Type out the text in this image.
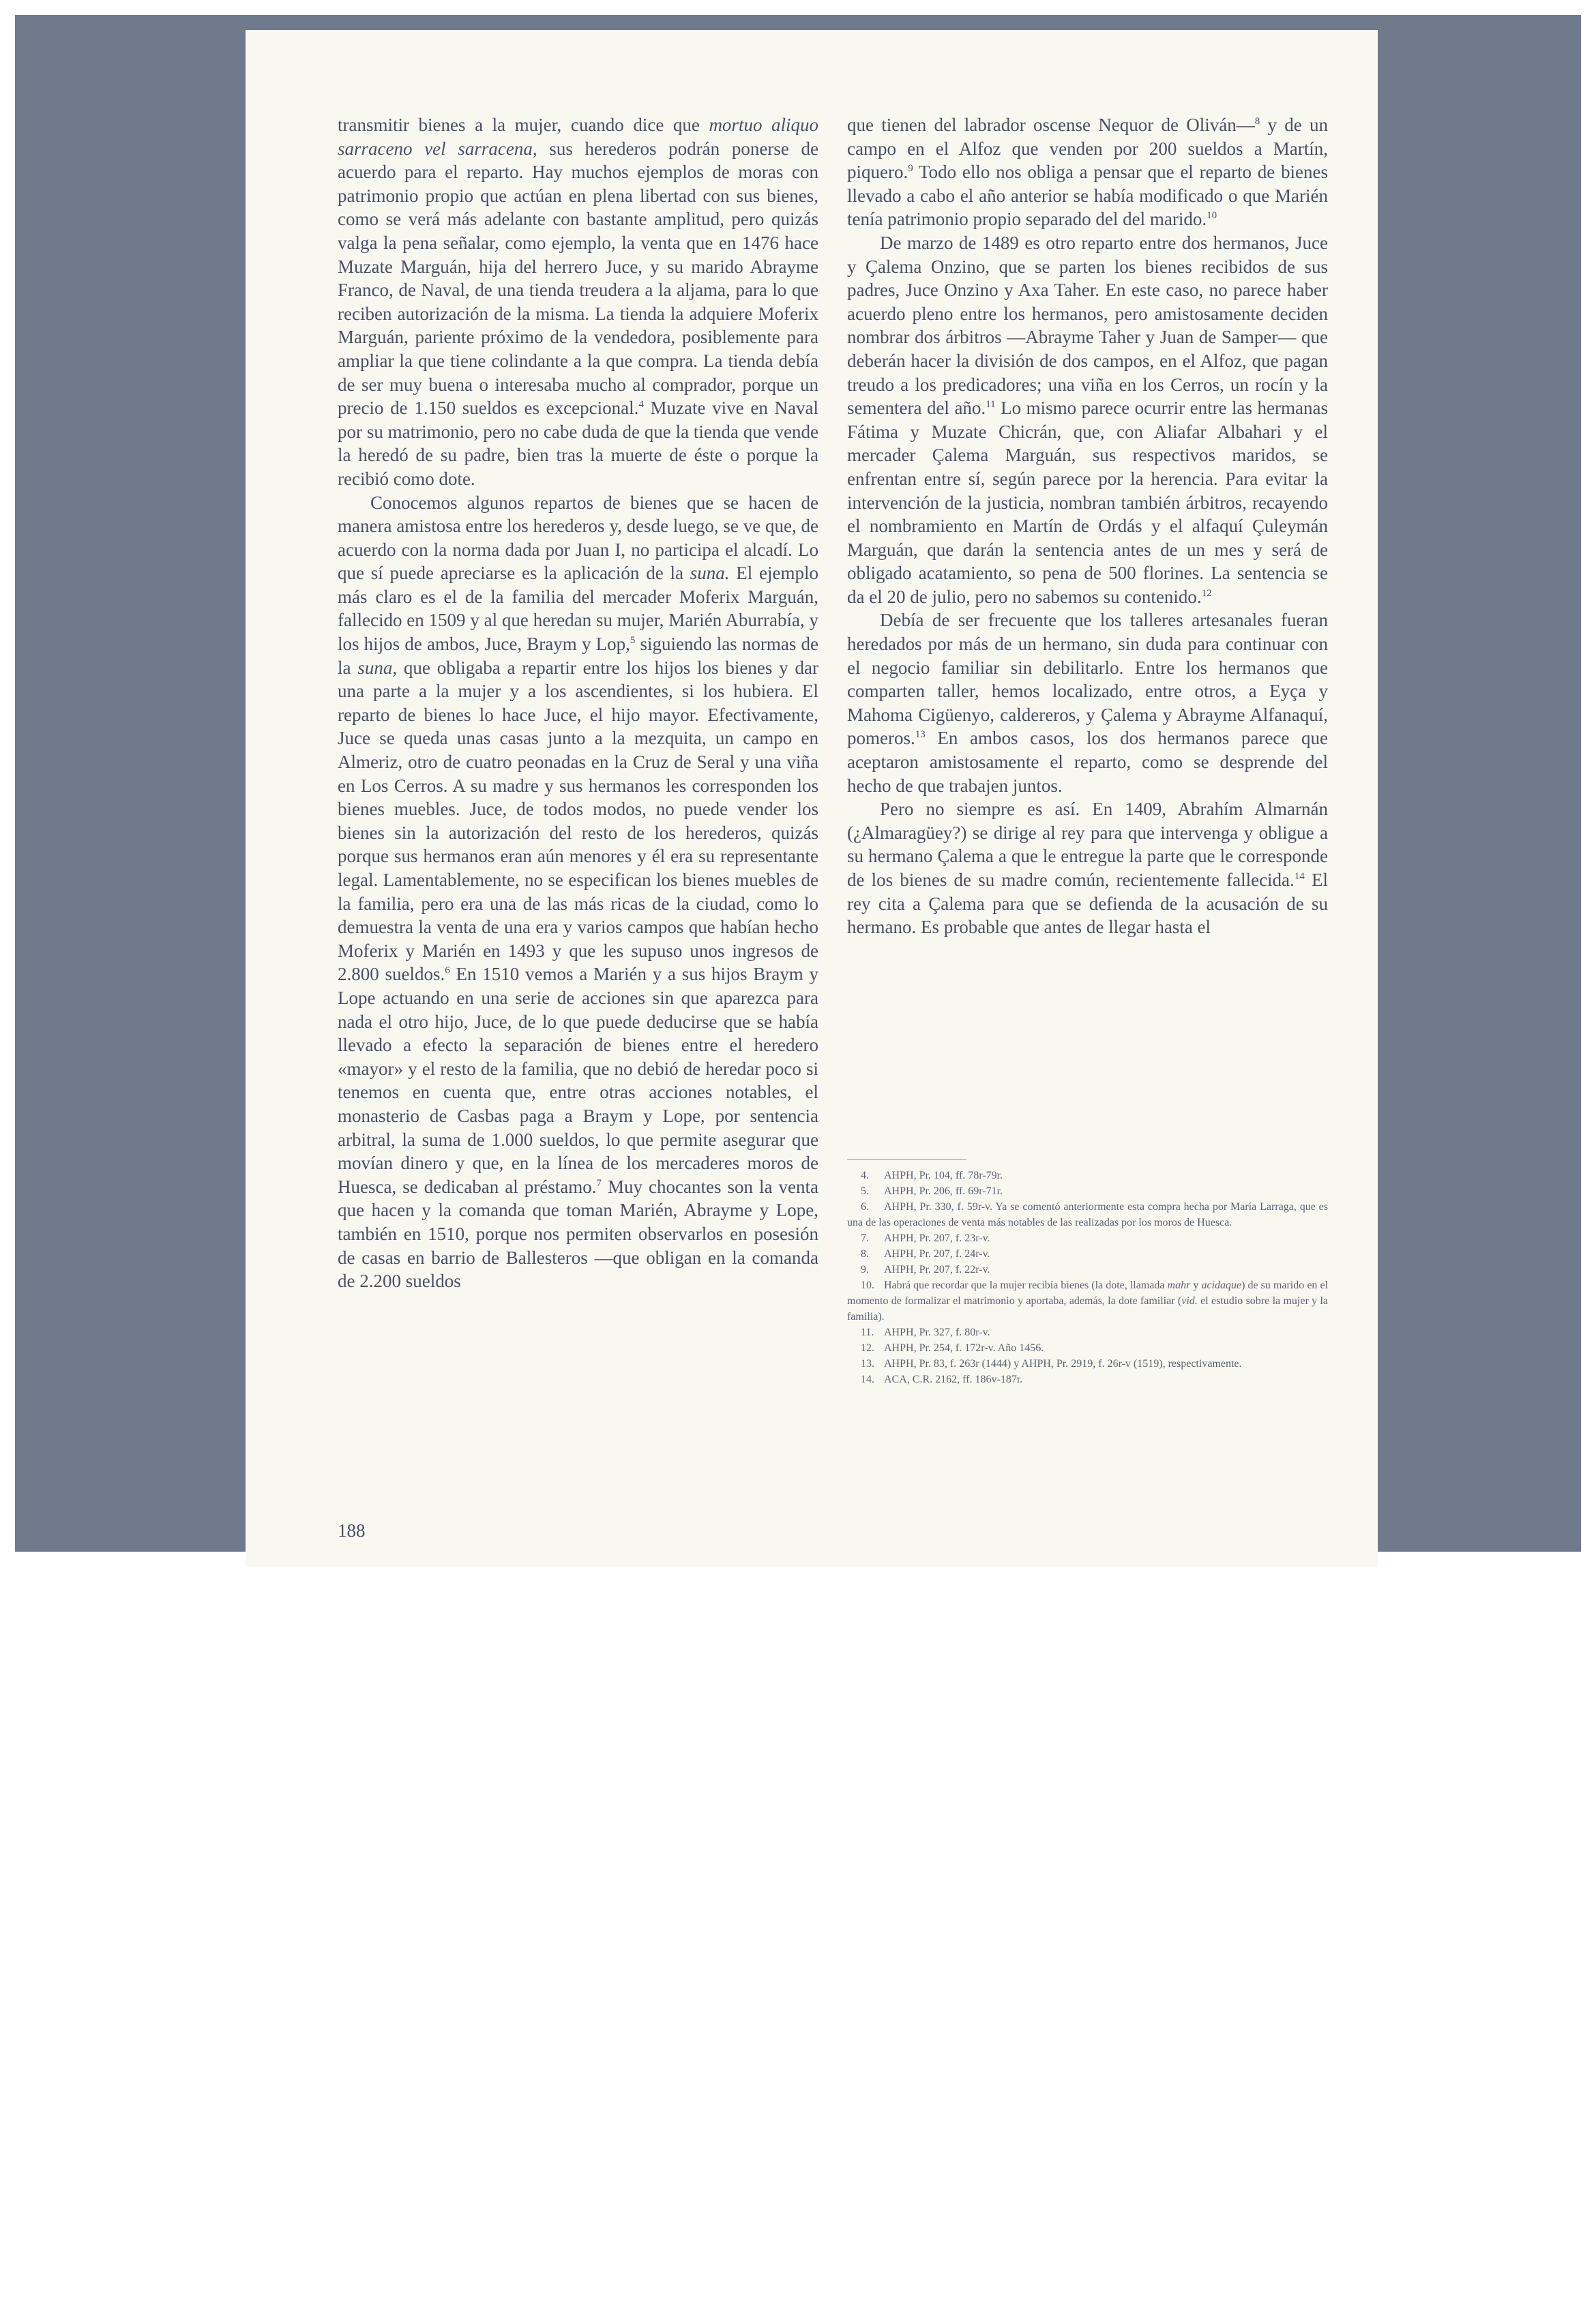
transmitir bienes a la mujer, cuando dice que mortuo aliquo sarraceno vel sarracena, sus herederos podrán ponerse de acuerdo para el reparto. Hay muchos ejemplos de moras con patrimonio propio que actúan en plena libertad con sus bienes, como se verá más adelante con bastante amplitud, pero quizás valga la pena señalar, como ejemplo, la venta que en 1476 hace Muzate Marguán, hija del herrero Juce, y su marido Abrayme Franco, de Naval, de una tienda treudera a la aljama, para lo que reciben autorización de la misma. La tienda la adquiere Moferix Marguán, pariente próximo de la vendedora, posiblemente para ampliar la que tiene colindante a la que compra. La tienda debía de ser muy buena o interesaba mucho al comprador, porque un precio de 1.150 sueldos es excepcional.$^4$ Muzate vive en Naval por su matrimonio, pero no cabe duda de que la tienda que vende la heredó de su padre, bien tras la muerte de éste o porque la recibió como dote.

Conocemos algunos repartos de bienes que se hacen de manera amistosa entre los herederos y, desde luego, se ve que, de acuerdo con la norma dada por Juan I, no participa el alcadí. Lo que sí puede apreciarse es la aplicación de la suna. El ejemplo más claro es el de la familia del mercader Moferix Marguán, fallecido en 1509 y al que heredan su mujer, Marién Aburrabía, y los hijos de ambos, Juce, Braym y Lop,$^5$ siguiendo las normas de la suna, que obligaba a repartir entre los hijos los bienes y dar una parte a la mujer y a los ascendientes, si los hubiera. El reparto de bienes lo hace Juce, el hijo mayor. Efectivamente, Juce se queda unas casas junto a la mezquita, un campo en Almeriz, otro de cuatro peonadas en la Cruz de Seral y una viña en Los Cerros. A su madre y sus hermanos les corresponden los bienes muebles. Juce, de todos modos, no puede vender los bienes sin la autorización del resto de los herederos, quizás porque sus hermanos eran aún menores y él era su representante legal. Lamentablemente, no se especifican los bienes muebles de la familia, pero era una de las más ricas de la ciudad, como lo demuestra la venta de una era y varios campos que habían hecho Moferix y Marién en 1493 y que les supuso unos ingresos de 2.800 sueldos.$^6$ En 1510 vemos a Marién y a sus hijos Braym y Lope actuando en una serie de acciones sin que aparezca para nada el otro hijo, Juce, de lo que puede deducirse que se había llevado a efecto la separación de bienes entre el heredero «mayor» y el resto de la familia, que no debió de heredar poco si tenemos en cuenta que, entre otras acciones notables, el monasterio de Casbas paga a Braym y Lope, por sentencia arbitral, la suma de 1.000 sueldos, lo que permite asegurar que movían dinero y que, en la línea de los mercaderes moros de Huesca, se dedicaban al préstamo.$^7$ Muy chocantes son la venta que hacen y la comanda que toman Marién, Abrayme y Lope, también en 1510, porque nos permiten observarlos en posesión de casas en barrio de Ballesteros —que obligan en la comanda de 2.200 sueldos

que tienen del labrador oscense Nequor de Oliván—$^8$ y de un campo en el Alfoz que venden por 200 sueldos a Martín, piquero.$^9$ Todo ello nos obliga a pensar que el reparto de bienes llevado a cabo el año anterior se había modificado o que Marién tenía patrimonio propio separado del del marido.$^{10}$

De marzo de 1489 es otro reparto entre dos hermanos, Juce y Çalema Onzino, que se parten los bienes recibidos de sus padres, Juce Onzino y Axa Taher. En este caso, no parece haber acuerdo pleno entre los hermanos, pero amistosamente deciden nombrar dos árbitros —Abrayme Taher y Juan de Samper— que deberán hacer la división de dos campos, en el Alfoz, que pagan treudo a los predicadores; una viña en los Cerros, un rocín y la sementera del año.$^{11}$ Lo mismo parece ocurrir entre las hermanas Fátima y Muzate Chicrán, que, con Aliafar Albahari y el mercader Çalema Marguán, sus respectivos maridos, se enfrentan entre sí, según parece por la herencia. Para evitar la intervención de la justicia, nombran también árbitros, recayendo el nombramiento en Martín de Ordás y el alfaquí Çuleymán Marguán, que darán la sentencia antes de un mes y será de obligado acatamiento, so pena de 500 florines. La sentencia se da el 20 de julio, pero no sabemos su contenido.$^{12}$

Debía de ser frecuente que los talleres artesanales fueran heredados por más de un hermano, sin duda para continuar con el negocio familiar sin debilitarlo. Entre los hermanos que comparten taller, hemos localizado, entre otros, a Eyça y Mahoma Cigüenyo, caldereros, y Çalema y Abrayme Alfanaquí, pomeros.$^{13}$ En ambos casos, los dos hermanos parece que aceptaron amistosamente el reparto, como se desprende del hecho de que trabajen juntos.

Pero no siempre es así. En 1409, Abrahím Almarnán (¿Almaragüey?) se dirige al rey para que intervenga y obligue a su hermano Çalema a que le entregue la parte que le corresponde de los bienes de su madre común, recientemente fallecida.$^{14}$ El rey cita a Çalema para que se defienda de la acusación de su hermano. Es probable que antes de llegar hasta el

4. AHPH, Pr. 104, ff. 78r-79r.

5. AHPH, Pr. 206, ff. 69r-71r.

6. AHPH, Pr. 330, f. 59r-v. Ya se comentó anteriormente esta compra hecha por María Larraga, que es una de las operaciones de venta más notables de las realizadas por los moros de Huesca.

7. AHPH, Pr. 207, f. 23r-v.

8. AHPH, Pr. 207, f. 24r-v.

9. AHPH, Pr. 207, f. 22r-v.

10. Habrá que recordar que la mujer recibía bienes (la dote, llamada mahr y acidaque) de su marido en el momento de formalizar el matrimonio y aportaba, además, la dote familiar (vid. el estudio sobre la mujer y la familia).

11. AHPH, Pr. 327, f. 80r-v.

12. AHPH, Pr. 254, f. 172r-v. Año 1456.

13. AHPH, Pr. 83, f. 263r (1444) y AHPH, Pr. 2919, f. 26r-v (1519), respectivamente.

14. ACA, C.R. 2162, ff. 186v-187r.

188
